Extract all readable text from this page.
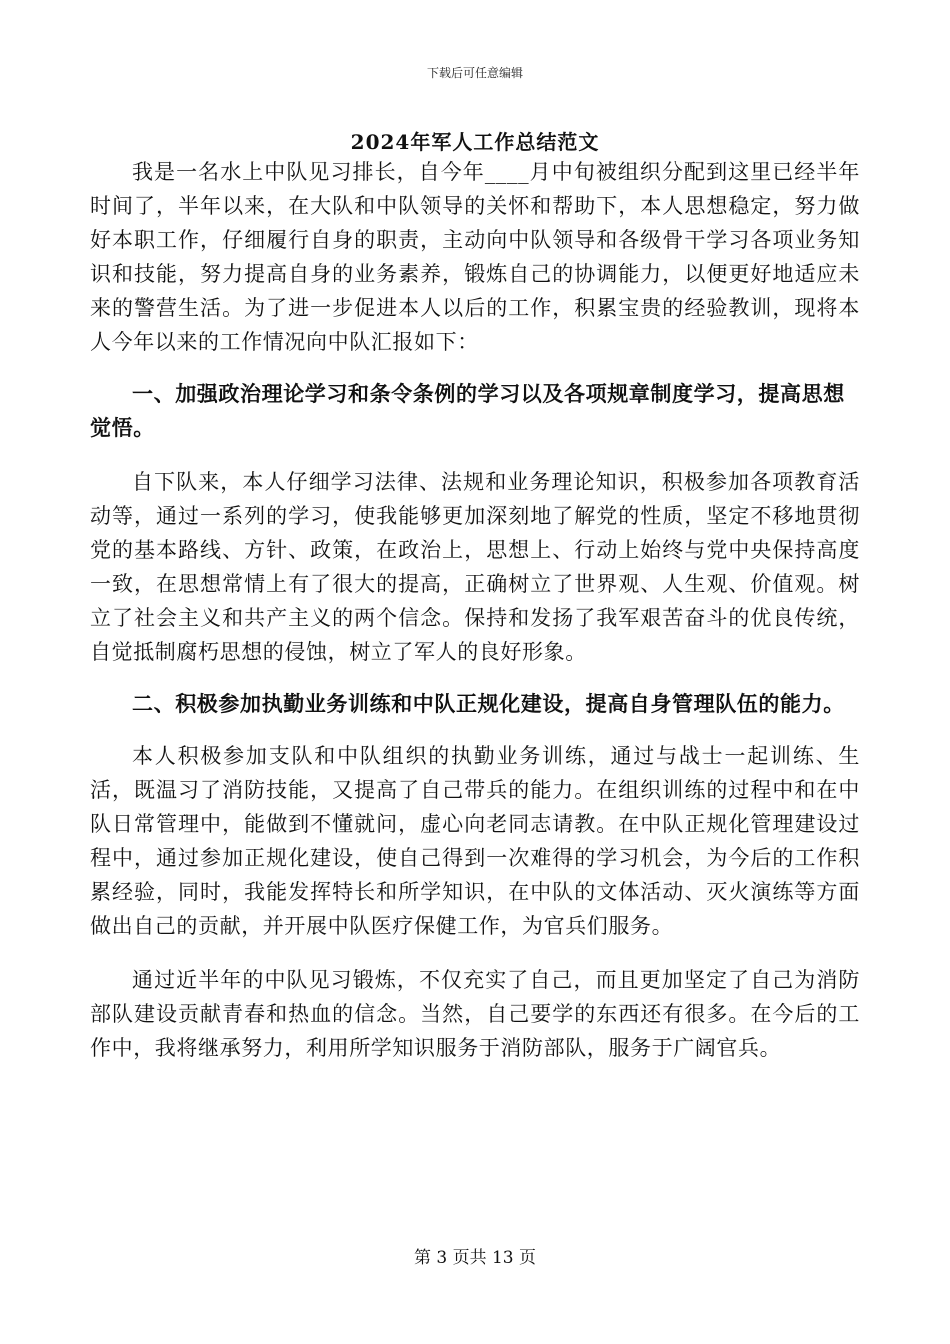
下载后可任意编辑
2024年军人工作总结范文

我是一名水上中队见习排长，自今年____月中旬被组织分配到这里已经半年时间了，半年以来，在大队和中队领导的关怀和帮助下，本人思想稳定，努力做好本职工作，仔细履行自身的职责，主动向中队领导和各级骨干学习各项业务知识和技能，努力提高自身的业务素养，锻炼自己的协调能力，以便更好地适应未来的警营生活。为了进一步促进本人以后的工作，积累宝贵的经验教训，现将本人今年以来的工作情况向中队汇报如下：

一、加强政治理论学习和条令条例的学习以及各项规章制度学习，提高思想觉悟。

自下队来，本人仔细学习法律、法规和业务理论知识，积极参加各项教育活动等，通过一系列的学习，使我能够更加深刻地了解党的性质，坚定不移地贯彻党的基本路线、方针、政策，在政治上，思想上、行动上始终与党中央保持高度一致，在思想常情上有了很大的提高，正确树立了世界观、人生观、价值观。树立了社会主义和共产主义的两个信念。保持和发扬了我军艰苦奋斗的优良传统，自觉抵制腐朽思想的侵蚀，树立了军人的良好形象。

二、积极参加执勤业务训练和中队正规化建设，提高自身管理队伍的能力。

本人积极参加支队和中队组织的执勤业务训练，通过与战士一起训练、生活，既温习了消防技能，又提高了自己带兵的能力。在组织训练的过程中和在中队日常管理中，能做到不懂就问，虚心向老同志请教。在中队正规化管理建设过程中，通过参加正规化建设，使自己得到一次难得的学习机会，为今后的工作积累经验，同时，我能发挥特长和所学知识，在中队的文体活动、灭火演练等方面做出自己的贡献，并开展中队医疗保健工作，为官兵们服务。

通过近半年的中队见习锻炼，不仅充实了自己，而且更加坚定了自己为消防部队建设贡献青春和热血的信念。当然，自己要学的东西还有很多。在今后的工作中，我将继承努力，利用所学知识服务于消防部队，服务于广阔官兵。

第 3 页共 13 页
